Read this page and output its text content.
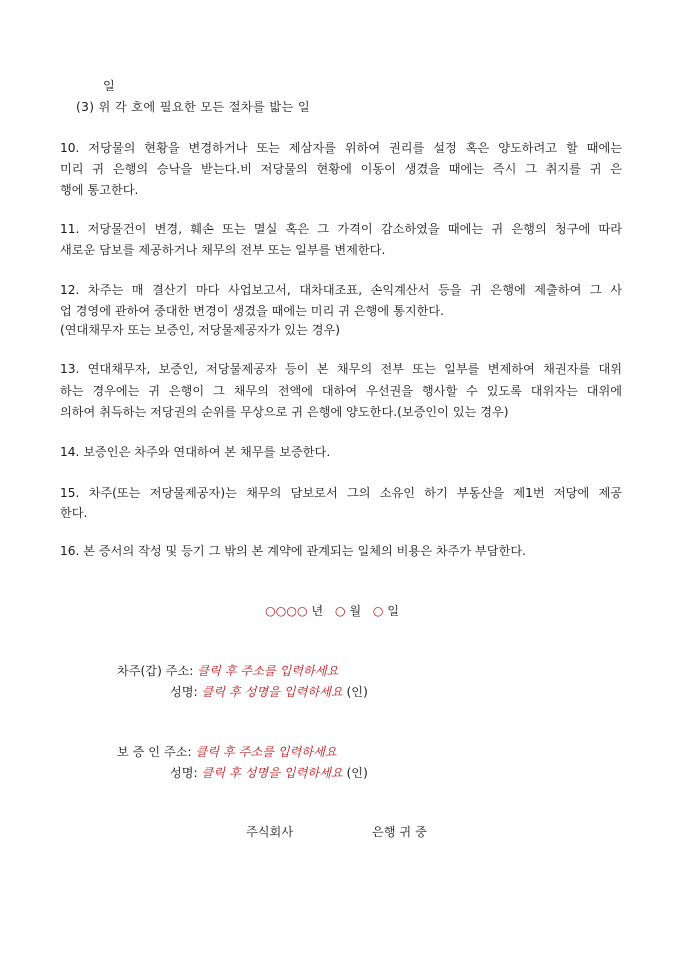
일
(3) 위 각 호에 필요한 모든 절차를 밟는 일
10. 저당물의 현황을 변경하거나 또는 제삼자를 위하여 권리를 설정 혹은 양도하려고 할 때에는
미리 귀 은행의 승낙을 받는다.비 저당물의 현황에 이동이 생겼을 때에는 즉시 그 취지를 귀 은
행에 통고한다.
11. 저당물건이 변경, 훼손 또는 멸실 혹은 그 가격이 감소하였을 때에는 귀 은행의 청구에 따라
새로운 담보를 제공하거나 채무의 전부 또는 일부를 변제한다.
12. 차주는 매 결산기 마다 사업보고서, 대차대조표, 손익계산서 등을 귀 은행에 제출하여 그 사
업 경영에 관하여 중대한 변경이 생겼을 때에는 미리 귀 은행에 통지한다.
(연대채무자 또는 보증인, 저당물제공자가 있는 경우)
13. 연대채무자, 보증인, 저당물제공자 등이 본 채무의 전부 또는 일부를 변제하여 채권자를 대위
하는 경우에는 귀 은행이 그 채무의 전액에 대하여 우선권을 행사할 수 있도록 대위자는 대위에
의하여 취득하는 저당권의 순위를 무상으로 귀 은행에 양도한다.(보증인이 있는 경우)
14. 보증인은 차주와 연대하여 본 채무를 보증한다.
15. 차주(또는 저당물제공자)는 채무의 담보로서 그의 소유인 하기 부동산을 제1번 저당에 제공
한다.
16. 본 증서의 작성 및 등기 그 밖의 본 계약에 관계되는 일체의 비용은 차주가 부담한다.
○○○○ 년 ○ 월 ○ 일
차주(갑) 주소: 클릭 후 주소를 입력하세요
성명: 클릭 후 성명을 입력하세요 (인)
보 증 인 주소: 클릭 후 주소를 입력하세요
성명: 클릭 후 성명을 입력하세요 (인)
주식회사	은행 귀 중
